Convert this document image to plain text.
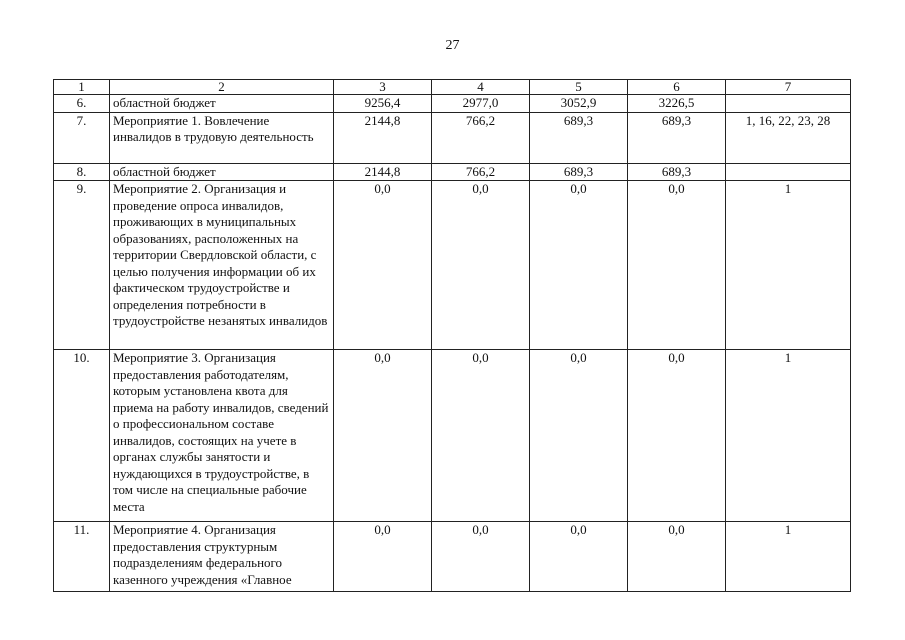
27
1	2	3	4	5	6	7
6.	областной бюджет	9256,4	2977,0	3052,9	3226,5	
7.	Мероприятие 1. Вовлечение инвалидов в трудовую деятельность	2144,8	766,2	689,3	689,3	1, 16, 22, 23, 28
8.	областной бюджет	2144,8	766,2	689,3	689,3	
9.	Мероприятие 2. Организация и проведение опроса инвалидов, проживающих в муниципальных образованиях, расположенных на территории Свердловской области, с целью получения информации об их фактическом трудоустройстве и определения потребности в трудоустройстве незанятых инвалидов	0,0	0,0	0,0	0,0	1
10.	Мероприятие 3. Организация предоставления работодателям, которым установлена квота для приема на работу инвалидов, сведений о профессиональном составе инвалидов, состоящих на учете в органах службы занятости и нуждающихся в трудоустройстве, в том числе на специальные рабочие места	0,0	0,0	0,0	0,0	1
11.	Мероприятие 4. Организация предоставления структурным подразделениям федерального казенного учреждения «Главное	0,0	0,0	0,0	0,0	1
